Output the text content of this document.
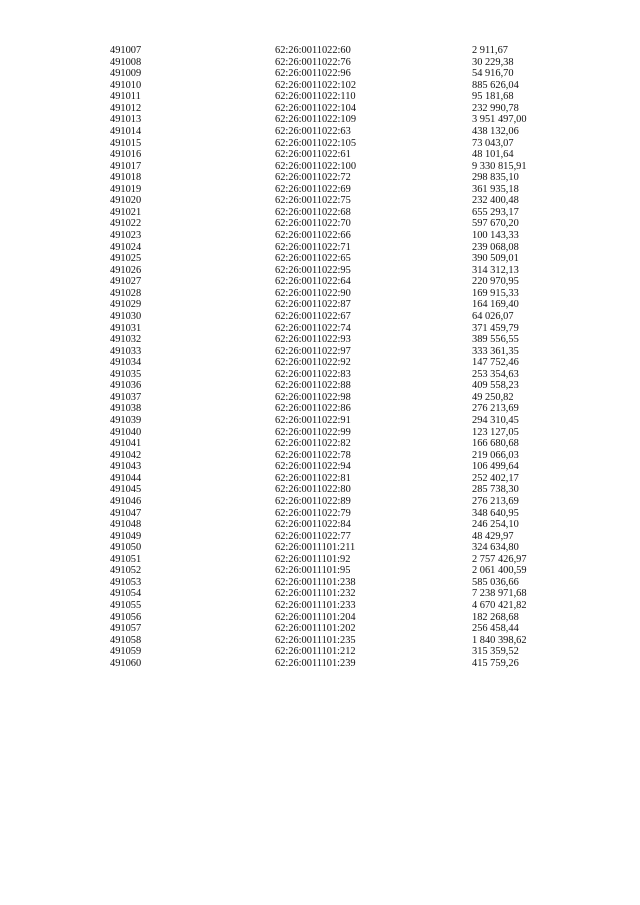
491007	62:26:0011022:60	2 911,67
491008	62:26:0011022:76	30 229,38
491009	62:26:0011022:96	54 916,70
491010	62:26:0011022:102	885 626,04
491011	62:26:0011022:110	95 181,68
491012	62:26:0011022:104	232 990,78
491013	62:26:0011022:109	3 951 497,00
491014	62:26:0011022:63	438 132,06
491015	62:26:0011022:105	73 043,07
491016	62:26:0011022:61	48 101,64
491017	62:26:0011022:100	9 330 815,91
491018	62:26:0011022:72	298 835,10
491019	62:26:0011022:69	361 935,18
491020	62:26:0011022:75	232 400,48
491021	62:26:0011022:68	655 293,17
491022	62:26:0011022:70	597 670,20
491023	62:26:0011022:66	100 143,33
491024	62:26:0011022:71	239 068,08
491025	62:26:0011022:65	390 509,01
491026	62:26:0011022:95	314 312,13
491027	62:26:0011022:64	220 970,95
491028	62:26:0011022:90	169 915,33
491029	62:26:0011022:87	164 169,40
491030	62:26:0011022:67	64 026,07
491031	62:26:0011022:74	371 459,79
491032	62:26:0011022:93	389 556,55
491033	62:26:0011022:97	333 361,35
491034	62:26:0011022:92	147 752,46
491035	62:26:0011022:83	253 354,63
491036	62:26:0011022:88	409 558,23
491037	62:26:0011022:98	49 250,82
491038	62:26:0011022:86	276 213,69
491039	62:26:0011022:91	294 310,45
491040	62:26:0011022:99	123 127,05
491041	62:26:0011022:82	166 680,68
491042	62:26:0011022:78	219 066,03
491043	62:26:0011022:94	106 499,64
491044	62:26:0011022:81	252 402,17
491045	62:26:0011022:80	285 738,30
491046	62:26:0011022:89	276 213,69
491047	62:26:0011022:79	348 640,95
491048	62:26:0011022:84	246 254,10
491049	62:26:0011022:77	48 429,97
491050	62:26:0011101:211	324 634,80
491051	62:26:0011101:92	2 757 426,97
491052	62:26:0011101:95	2 061 400,59
491053	62:26:0011101:238	585 036,66
491054	62:26:0011101:232	7 238 971,68
491055	62:26:0011101:233	4 670 421,82
491056	62:26:0011101:204	182 268,68
491057	62:26:0011101:202	256 458,44
491058	62:26:0011101:235	1 840 398,62
491059	62:26:0011101:212	315 359,52
491060	62:26:0011101:239	415 759,26
